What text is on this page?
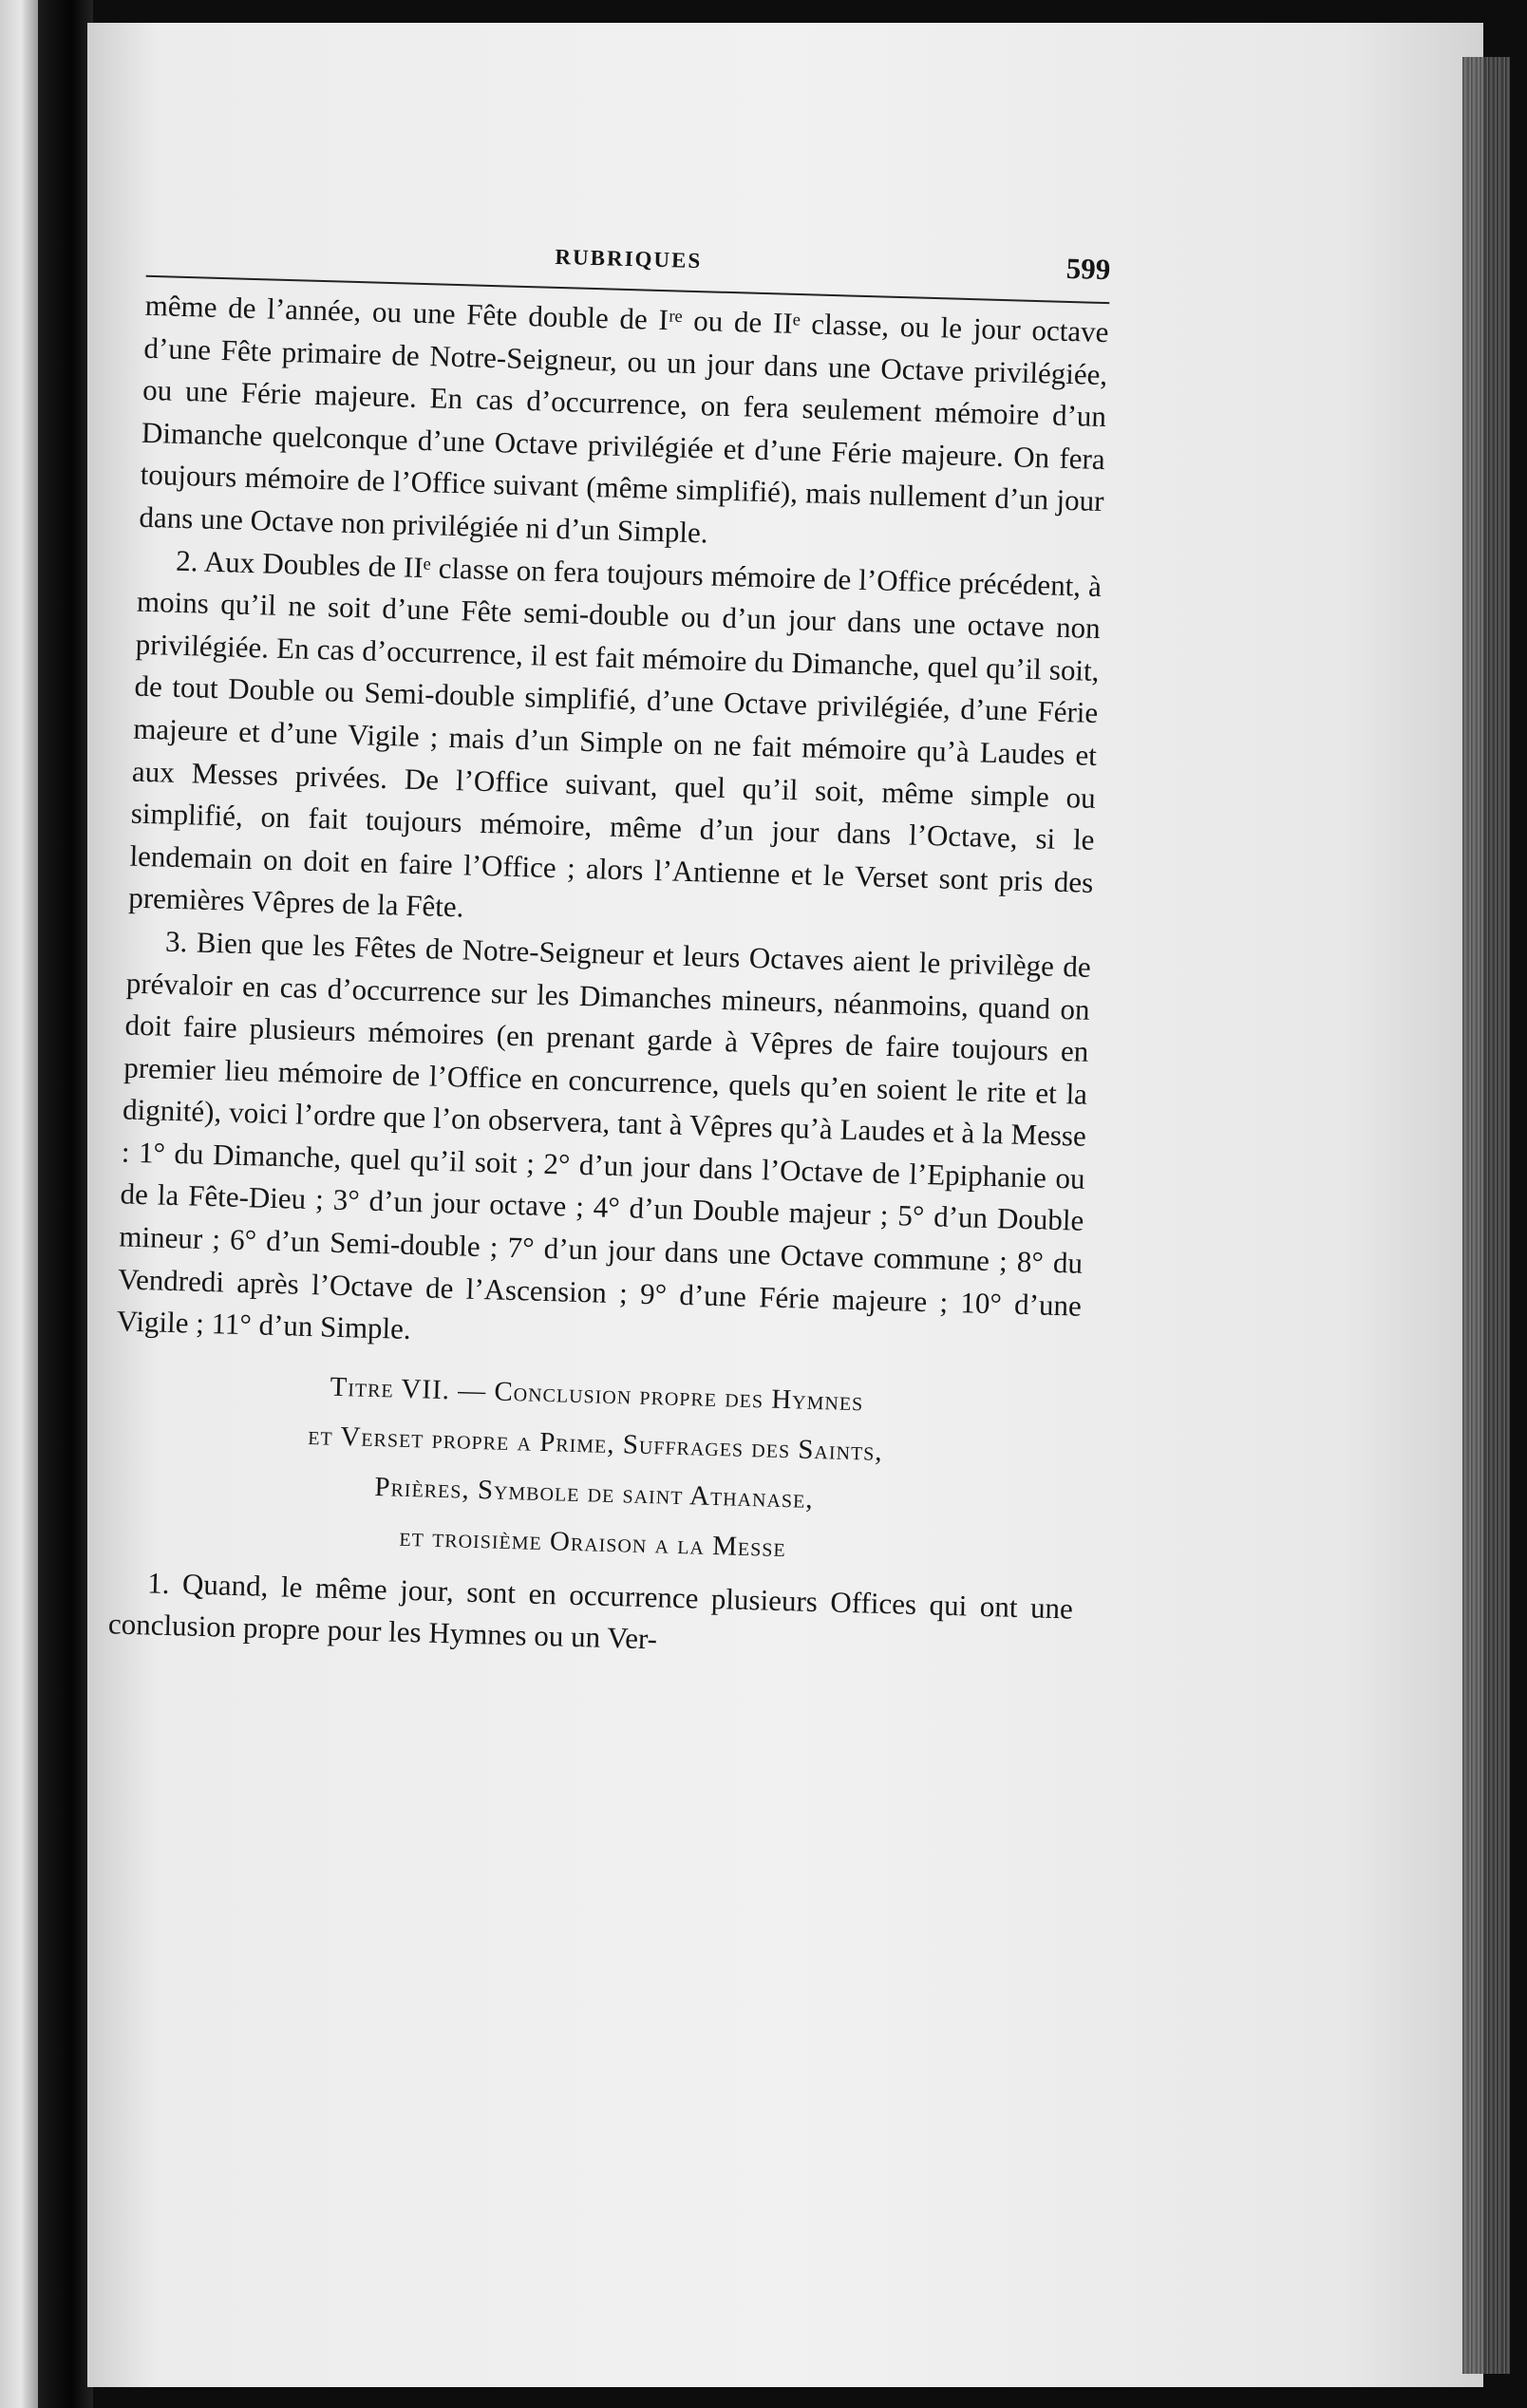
RUBRIQUES	599

même de l’année, ou une Fête double de Iʳᵉ ou de IIᵉ classe, ou le jour octave d’une Fête primaire de Notre-Seigneur, ou un jour dans une Octave privilégiée, ou une Férie majeure. En cas d’occurrence, on fera seulement mémoire d’un Dimanche quelconque d’une Octave privilégiée et d’une Férie majeure. On fera toujours mémoire de l’Office suivant (même simplifié), mais nullement d’un jour dans une Octave non privilégiée ni d’un Simple.

2. Aux Doubles de IIᵉ classe on fera toujours mémoire de l’Office précédent, à moins qu’il ne soit d’une Fête semi-double ou d’un jour dans une octave non privilégiée. En cas d’occurrence, il est fait mémoire du Dimanche, quel qu’il soit, de tout Double ou Semi-double simplifié, d’une Octave privilégiée, d’une Férie majeure et d’une Vigile ; mais d’un Simple on ne fait mémoire qu’à Laudes et aux Messes privées. De l’Office suivant, quel qu’il soit, même simple ou simplifié, on fait toujours mémoire, même d’un jour dans l’Octave, si le lendemain on doit en faire l’Office ; alors l’Antienne et le Verset sont pris des premières Vêpres de la Fête.

3. Bien que les Fêtes de Notre-Seigneur et leurs Octaves aient le privilège de prévaloir en cas d’occurrence sur les Dimanches mineurs, néanmoins, quand on doit faire plusieurs mémoires (en prenant garde à Vêpres de faire toujours en premier lieu mémoire de l’Office en concurrence, quels qu’en soient le rite et la dignité), voici l’ordre que l’on observera, tant à Vêpres qu’à Laudes et à la Messe : 1° du Dimanche, quel qu’il soit ; 2° d’un jour dans l’Octave de l’Epiphanie ou de la Fête-Dieu ; 3° d’un jour octave ; 4° d’un Double majeur ; 5° d’un Double mineur ; 6° d’un Semi-double ; 7° d’un jour dans une Octave commune ; 8° du Vendredi après l’Octave de l’Ascension ; 9° d’une Férie majeure ; 10° d’une Vigile ; 11° d’un Simple.

Titre VII. — Conclusion propre des Hymnes
et Verset propre a Prime, Suffrages des Saints,
Prières, Symbole de saint Athanase,
et troisième Oraison a la Messe

1. Quand, le même jour, sont en occurrence plusieurs Offices qui ont une conclusion propre pour les Hymnes ou un Ver-
